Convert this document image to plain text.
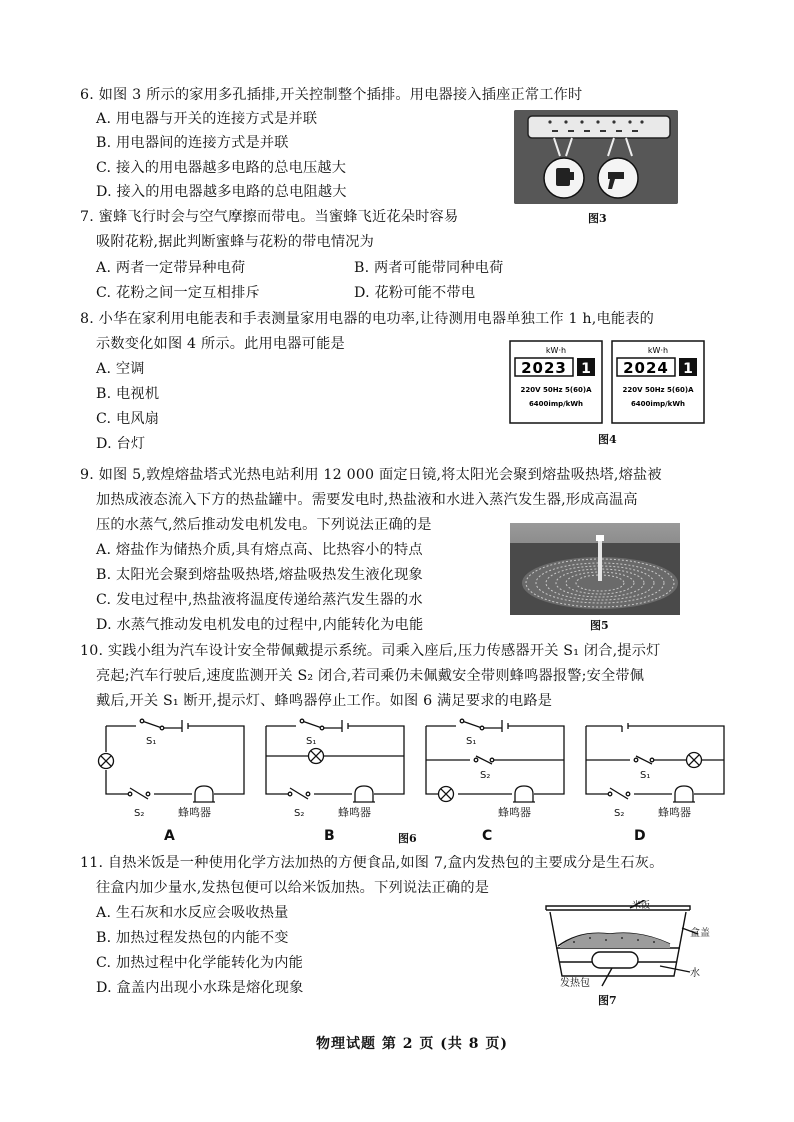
6. 如图 3 所示的家用多孔插排,开关控制整个插排。用电器接入插座正常工作时
A. 用电器与开关的连接方式是并联
B. 用电器间的连接方式是并联
C. 接入的用电器越多电路的总电压越大
D. 接入的用电器越多电路的总电阻越大
图3
7. 蜜蜂飞行时会与空气摩擦而带电。当蜜蜂飞近花朵时容易
吸附花粉,据此判断蜜蜂与花粉的带电情况为
A. 两者一定带异种电荷	B. 两者可能带同种电荷
C. 花粉之间一定互相排斥	D. 花粉可能不带电
8. 小华在家利用电能表和手表测量家用电器的电功率,让待测用电器单独工作 1 h,电能表的
示数变化如图 4 所示。此用电器可能是
A. 空调
B. 电视机
C. 电风扇
D. 台灯
kW·h
2023 1
220V 50Hz 5(60)A
6400imp/kWh
kW·h
2024 1
220V 50Hz 5(60)A
6400imp/kWh
图4
9. 如图 5,敦煌熔盐塔式光热电站利用 12 000 面定日镜,将太阳光会聚到熔盐吸热塔,熔盐被
加热成液态流入下方的热盐罐中。需要发电时,热盐液和水进入蒸汽发生器,形成高温高
压的水蒸气,然后推动发电机发电。下列说法正确的是
A. 熔盐作为储热介质,具有熔点高、比热容小的特点
B. 太阳光会聚到熔盐吸热塔,熔盐吸热发生液化现象
C. 发电过程中,热盐液将温度传递给蒸汽发生器的水
D. 水蒸气推动发电机发电的过程中,内能转化为电能	图5
10. 实践小组为汽车设计安全带佩戴提示系统。司乘入座后,压力传感器开关 S₁ 闭合,提示灯
亮起;汽车行驶后,速度监测开关 S₂ 闭合,若司乘仍未佩戴安全带则蜂鸣器报警;安全带佩
戴后,开关 S₁ 断开,提示灯、蜂鸣器停止工作。如图 6 满足要求的电路是
S₁
S₂
S₁
S₂
S₁
S₂	S₁
S₂
蜂鸣器	蜂鸣器	蜂鸣器	蜂鸣器
A	B	C	D
图6
11. 自热米饭是一种使用化学方法加热的方便食品,如图 7,盒内发热包的主要成分是生石灰。
往盒内加少量水,发热包便可以给米饭加热。下列说法正确的是
A. 生石灰和水反应会吸收热量
B. 加热过程发热包的内能不变
C. 加热过程中化学能转化为内能
D. 盒盖内出现小水珠是熔化现象
米饭
盒盖
发热包
水
图7
物理试题 第 2 页 (共 8 页)
